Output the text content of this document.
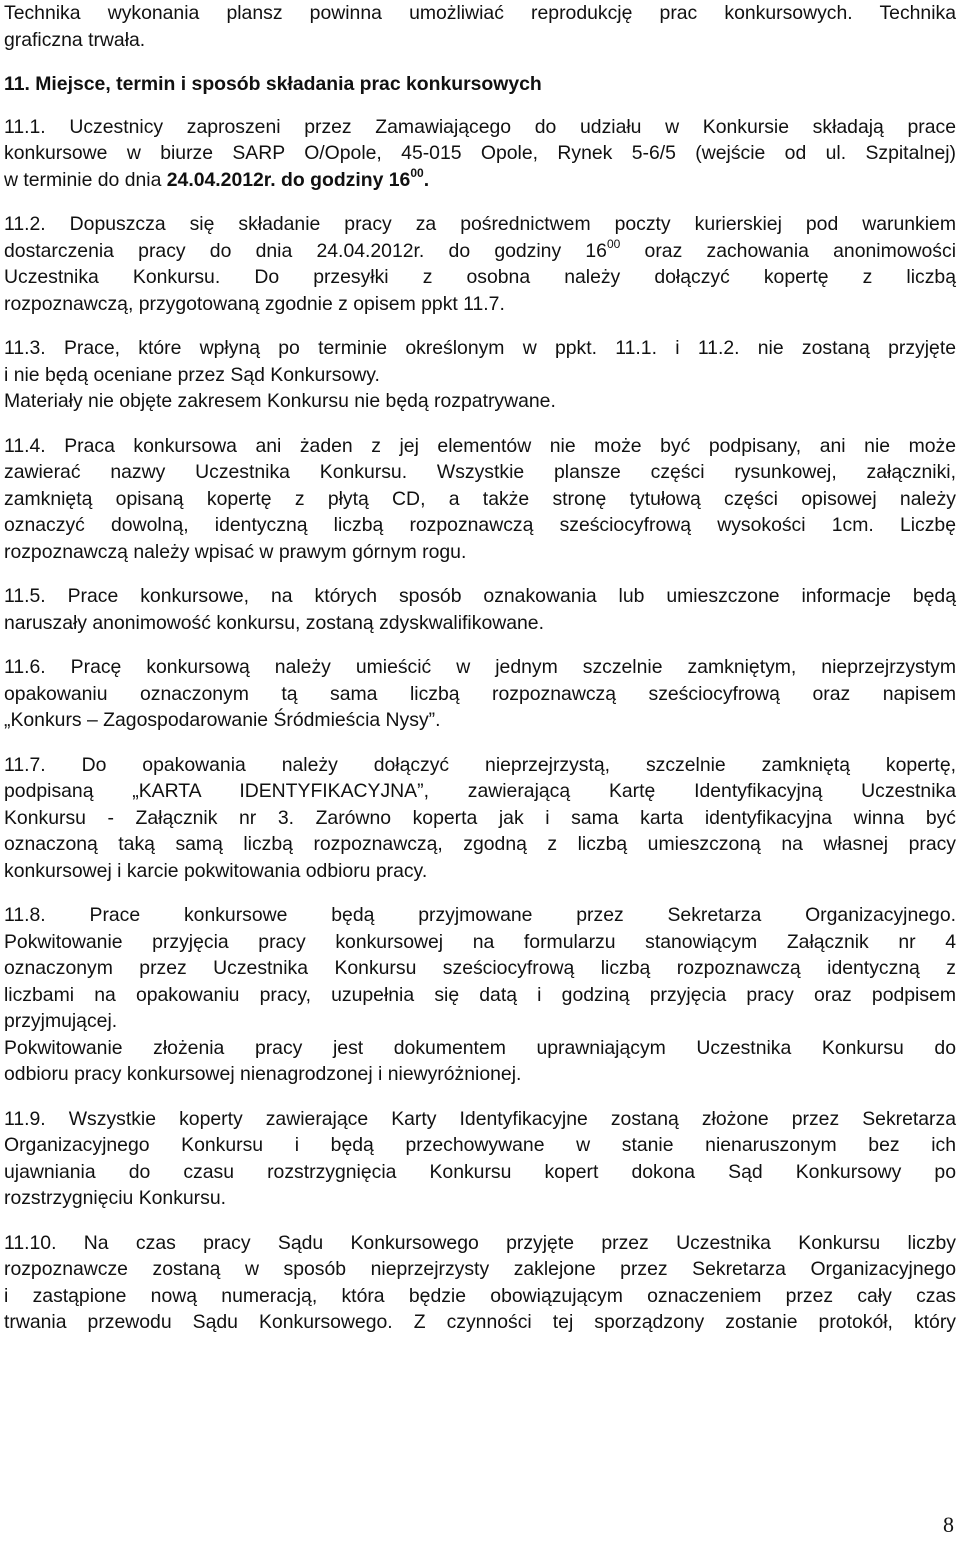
Technika wykonania plansz powinna umożliwiać reprodukcję prac konkursowych. Technika

graficzna trwała.

11. Miejsce, termin i sposób składania prac konkursowych

11.1. Uczestnicy zaproszeni przez Zamawiającego do udziału w Konkursie składają prace

konkursowe w biurze SARP O/Opole, 45-015 Opole, Rynek 5-6/5 (wejście od ul. Szpitalnej)

w terminie do dnia 24.04.2012r. do godziny $16^{00}$.

11.2. Dopuszcza się składanie pracy za pośrednictwem poczty kurierskiej pod warunkiem

dostarczenia pracy do dnia 24.04.2012r. do godziny $16^{00}$ oraz zachowania anonimowości

Uczestnika Konkursu. Do przesyłki z osobna należy dołączyć kopertę z liczbą

rozpoznawczą, przygotowaną zgodnie z opisem ppkt 11.7.

11.3. Prace, które wpłyną po terminie określonym w ppkt. 11.1. i 11.2. nie zostaną przyjęte

i nie będą oceniane przez Sąd Konkursowy.

Materiały nie objęte zakresem Konkursu nie będą rozpatrywane.

11.4. Praca konkursowa ani żaden z jej elementów nie może być podpisany, ani nie może

zawierać nazwy Uczestnika Konkursu. Wszystkie plansze części rysunkowej, załączniki,

zamkniętą opisaną kopertę z płytą CD, a także stronę tytułową części opisowej należy

oznaczyć dowolną, identyczną liczbą rozpoznawczą sześciocyfrową wysokości 1cm. Liczbę

rozpoznawczą należy wpisać w prawym górnym rogu.

11.5. Prace konkursowe, na których sposób oznakowania lub umieszczone informacje będą

naruszały anonimowość konkursu, zostaną zdyskwalifikowane.

11.6. Pracę konkursową należy umieścić w jednym szczelnie zamkniętym, nieprzejrzystym

opakowaniu oznaczonym tą sama liczbą rozpoznawczą sześciocyfrową oraz napisem

„Konkurs – Zagospodarowanie Śródmieścia Nysy”.

11.7. Do opakowania należy dołączyć nieprzejrzystą, szczelnie zamkniętą kopertę,

podpisaną „KARTA IDENTYFIKACYJNA”, zawierającą Kartę Identyfikacyjną Uczestnika

Konkursu - Załącznik nr 3. Zarówno koperta jak i sama karta identyfikacyjna winna być

oznaczoną taką samą liczbą rozpoznawczą, zgodną z liczbą umieszczoną na własnej pracy

konkursowej i karcie pokwitowania odbioru pracy.

11.8. Prace konkursowe będą przyjmowane przez Sekretarza Organizacyjnego.

Pokwitowanie przyjęcia pracy konkursowej na formularzu stanowiącym Załącznik nr 4

oznaczonym przez Uczestnika Konkursu sześciocyfrową liczbą rozpoznawczą identyczną z

liczbami na opakowaniu pracy, uzupełnia się datą i godziną przyjęcia pracy oraz podpisem

przyjmującej.

Pokwitowanie złożenia pracy jest dokumentem uprawniającym Uczestnika Konkursu do

odbioru pracy konkursowej nienagrodzonej i niewyróżnionej.

11.9. Wszystkie koperty zawierające Karty Identyfikacyjne zostaną złożone przez Sekretarza

Organizacyjnego Konkursu i będą przechowywane w stanie nienaruszonym bez ich

ujawniania do czasu rozstrzygnięcia Konkursu kopert dokona Sąd Konkursowy po

rozstrzygnięciu Konkursu.

11.10. Na czas pracy Sądu Konkursowego przyjęte przez Uczestnika Konkursu liczby

rozpoznawcze zostaną w sposób nieprzejrzysty zaklejone przez Sekretarza Organizacyjnego

i zastąpione nową numeracją, która będzie obowiązującym oznaczeniem przez cały czas

trwania przewodu Sądu Konkursowego. Z czynności tej sporządzony zostanie protokół, który

8
